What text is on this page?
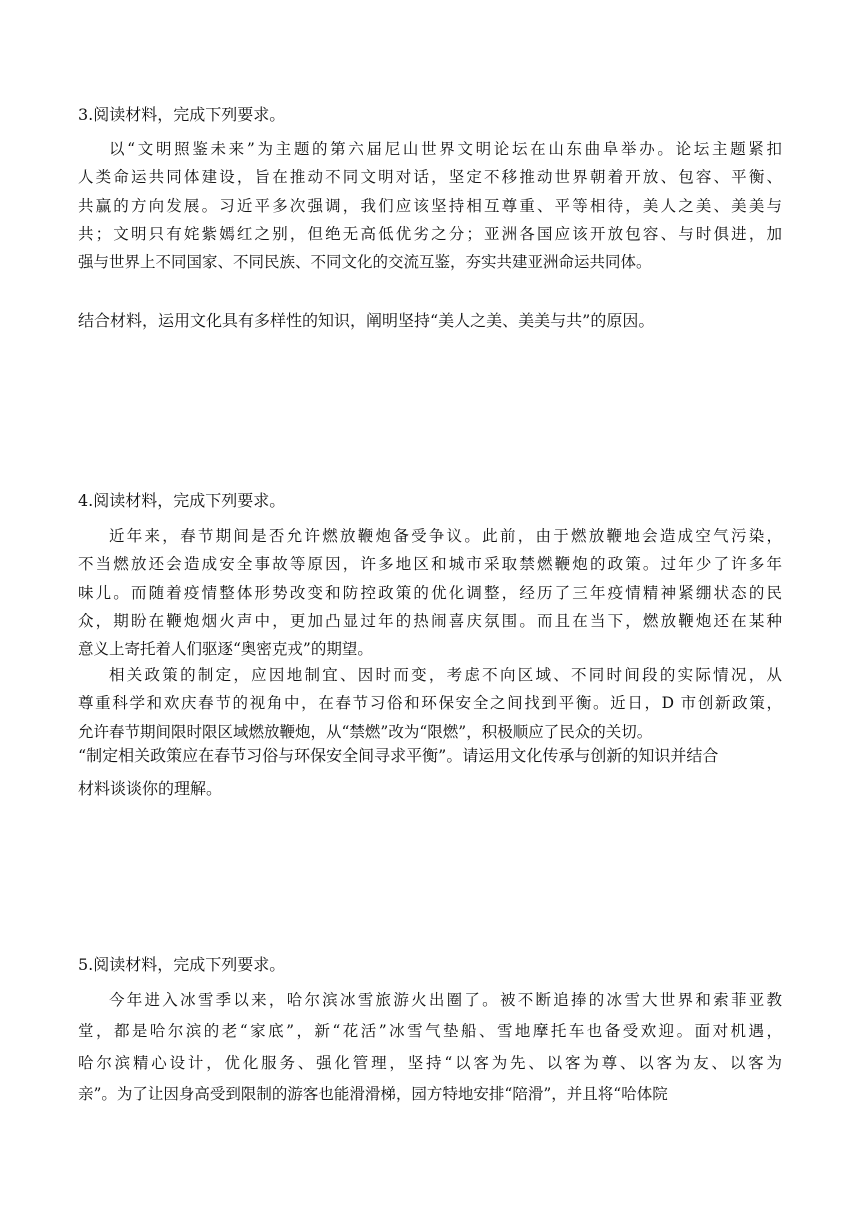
3.阅读材料，完成下列要求。
以“文明照鉴未来”为主题的第六届尼山世界文明论坛在山东曲阜举办。论坛主题紧扣
人类命运共同体建设，旨在推动不同文明对话，坚定不移推动世界朝着开放、包容、平衡、
共赢的方向发展。习近平多次强调，我们应该坚持相互尊重、平等相待，美人之美、美美与
共；文明只有姹紫嫣红之别，但绝无高低优劣之分；亚洲各国应该开放包容、与时俱进，加
强与世界上不同国家、不同民族、不同文化的交流互鉴，夯实共建亚洲命运共同体。
结合材料，运用文化具有多样性的知识，阐明坚持“美人之美、美美与共”的原因。
4.阅读材料，完成下列要求。
近年来，春节期间是否允许燃放鞭炮备受争议。此前，由于燃放鞭地会造成空气污染，
不当燃放还会造成安全事故等原因，许多地区和城市采取禁燃鞭炮的政策。过年少了许多年
味儿。而随着疫情整体形势改变和防控政策的优化调整，经历了三年疫情精神紧绷状态的民
众，期盼在鞭炮烟火声中，更加凸显过年的热闹喜庆氛围。而且在当下，燃放鞭炮还在某种
意义上寄托着人们驱逐“奥密克戎”的期望。
相关政策的制定，应因地制宜、因时而变，考虑不向区域、不同时间段的实际情况，从
尊重科学和欢庆春节的视角中，在春节习俗和环保安全之间找到平衡。近日，D 市创新政策，
允许春节期间限时限区域燃放鞭炮，从“禁燃”改为“限燃”，积极顺应了民众的关切。
“制定相关政策应在春节习俗与环保安全间寻求平衡”。请运用文化传承与创新的知识并结合
材料谈谈你的理解。
5.阅读材料，完成下列要求。
今年进入冰雪季以来，哈尔滨冰雪旅游火出圈了。被不断追捧的冰雪大世界和索菲亚教
堂，都是哈尔滨的老“家底”，新“花活”冰雪气垫船、雪地摩托车也备受欢迎。面对机遇，
哈尔滨精心设计，优化服务、强化管理，坚持“以客为先、以客为尊、以客为友、以客为
亲”。为了让因身高受到限制的游客也能滑滑梯，园方特地安排“陪滑”，并且将“哈体院
